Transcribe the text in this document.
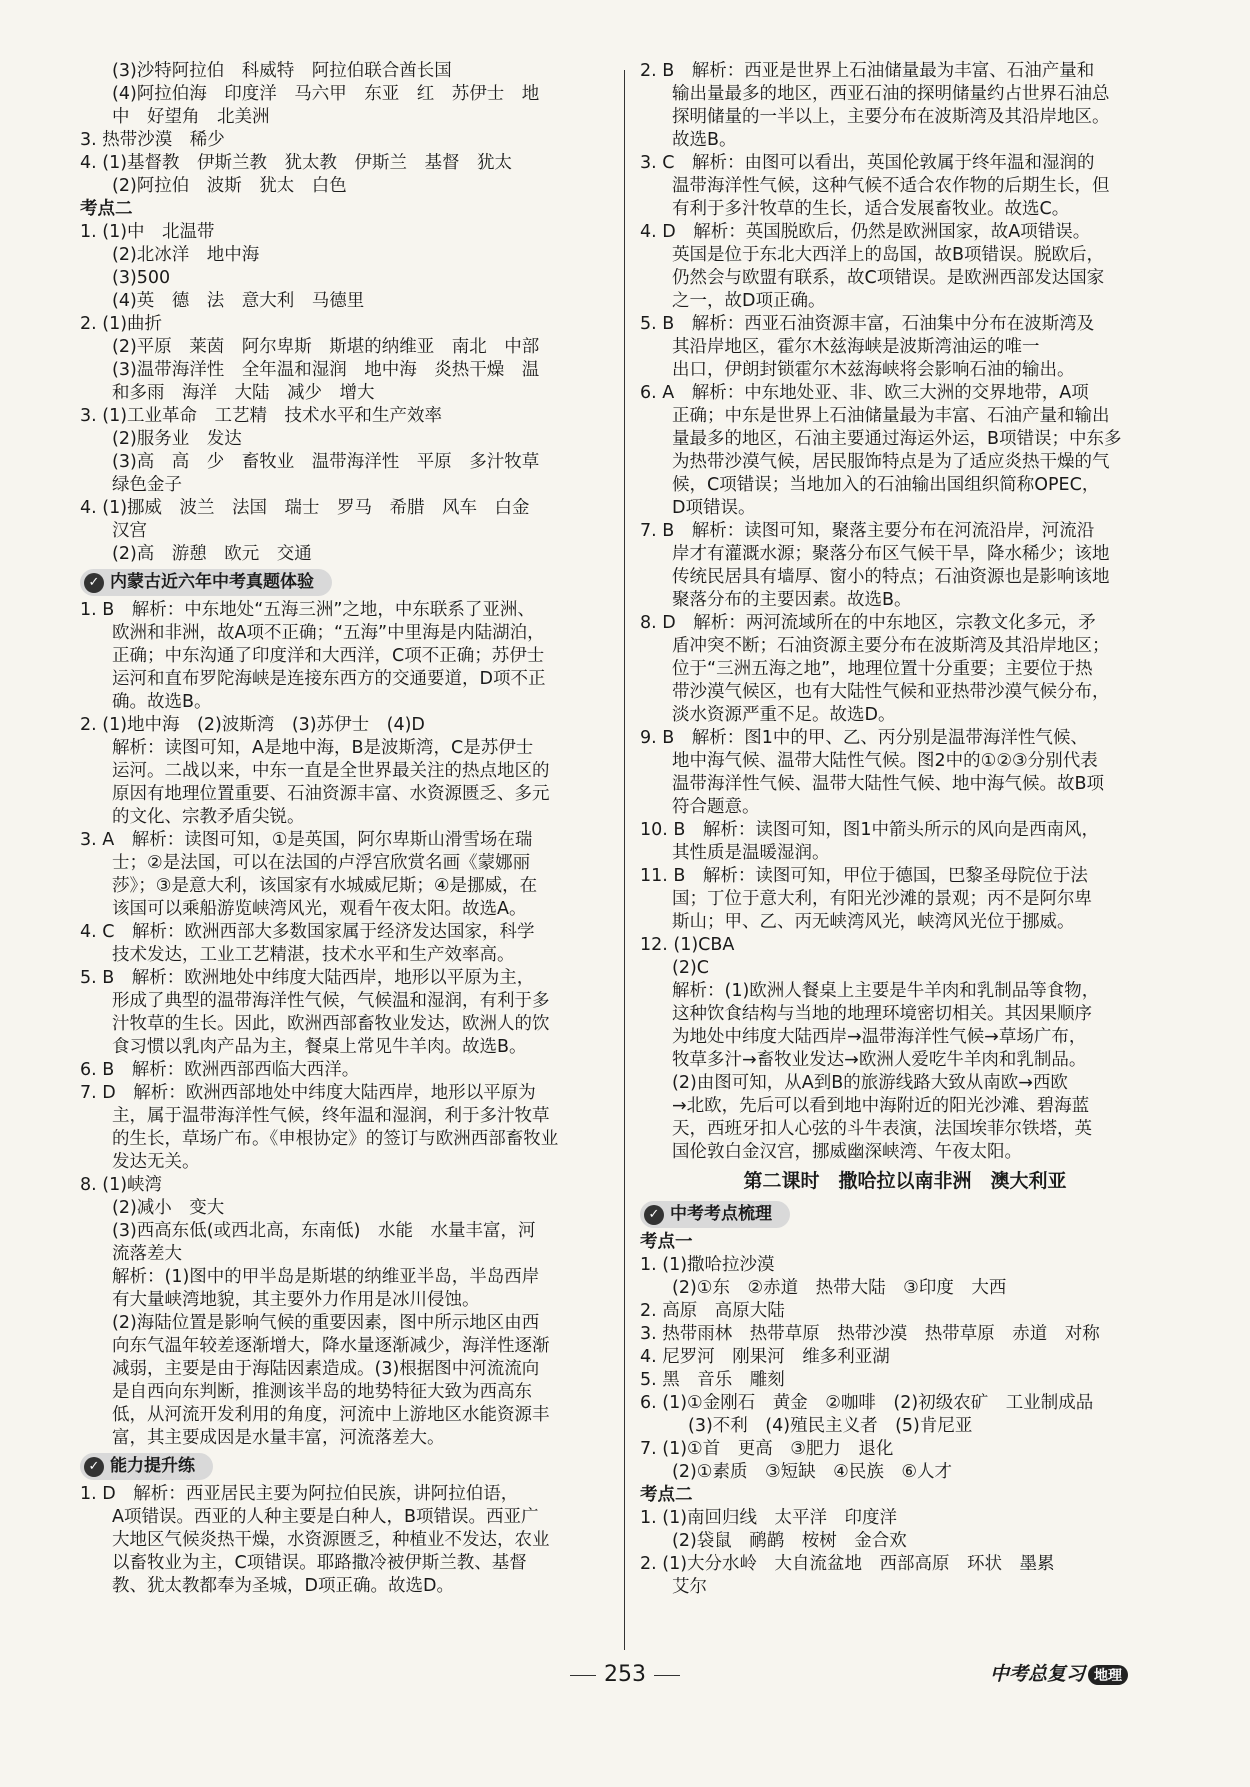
(3)沙特阿拉伯　科威特　阿拉伯联合酋长国
(4)阿拉伯海　印度洋　马六甲　东亚　红　苏伊士　地
中　好望角　北美洲
3. 热带沙漠　稀少
4. (1)基督教　伊斯兰教　犹太教　伊斯兰　基督　犹太
(2)阿拉伯　波斯　犹太　白色
考点二
1. (1)中　北温带
(2)北冰洋　地中海
(3)500
(4)英　德　法　意大利　马德里
2. (1)曲折
(2)平原　莱茵　阿尔卑斯　斯堪的纳维亚　南北　中部
(3)温带海洋性　全年温和湿润　地中海　炎热干燥　温
和多雨　海洋　大陆　减少　增大
3. (1)工业革命　工艺精　技术水平和生产效率
(2)服务业　发达
(3)高　高　少　畜牧业　温带海洋性　平原　多汁牧草
绿色金子
4. (1)挪威　波兰　法国　瑞士　罗马　希腊　风车　白金
汉宫
(2)高　游憩　欧元　交通
✓ 内蒙古近六年中考真题体验
1. B　解析：中东地处“五海三洲”之地，中东联系了亚洲、
欧洲和非洲，故A项不正确；“五海”中里海是内陆湖泊，
正确；中东沟通了印度洋和大西洋，C项不正确；苏伊士
运河和直布罗陀海峡是连接东西方的交通要道，D项不正
确。故选B。
2. (1)地中海　(2)波斯湾　(3)苏伊士　(4)D
解析：读图可知，A是地中海，B是波斯湾，C是苏伊士
运河。二战以来，中东一直是全世界最关注的热点地区的
原因有地理位置重要、石油资源丰富、水资源匮乏、多元
的文化、宗教矛盾尖锐。
3. A　解析：读图可知，①是英国，阿尔卑斯山滑雪场在瑞
士；②是法国，可以在法国的卢浮宫欣赏名画《蒙娜丽
莎》；③是意大利，该国家有水城威尼斯；④是挪威，在
该国可以乘船游览峡湾风光，观看午夜太阳。故选A。
4. C　解析：欧洲西部大多数国家属于经济发达国家，科学
技术发达，工业工艺精湛，技术水平和生产效率高。
5. B　解析：欧洲地处中纬度大陆西岸，地形以平原为主，
形成了典型的温带海洋性气候，气候温和湿润，有利于多
汁牧草的生长。因此，欧洲西部畜牧业发达，欧洲人的饮
食习惯以乳肉产品为主，餐桌上常见牛羊肉。故选B。
6. B　解析：欧洲西部西临大西洋。
7. D　解析：欧洲西部地处中纬度大陆西岸，地形以平原为
主，属于温带海洋性气候，终年温和湿润，利于多汁牧草
的生长，草场广布。《申根协定》的签订与欧洲西部畜牧业
发达无关。
8. (1)峡湾
(2)减小　变大
(3)西高东低(或西北高，东南低)　水能　水量丰富，河
流落差大
解析：(1)图中的甲半岛是斯堪的纳维亚半岛，半岛西岸
有大量峡湾地貌，其主要外力作用是冰川侵蚀。
(2)海陆位置是影响气候的重要因素，图中所示地区由西
向东气温年较差逐渐增大，降水量逐渐减少，海洋性逐渐
减弱，主要是由于海陆因素造成。(3)根据图中河流流向
是自西向东判断，推测该半岛的地势特征大致为西高东
低，从河流开发利用的角度，河流中上游地区水能资源丰
富，其主要成因是水量丰富，河流落差大。
✓ 能力提升练
1. D　解析：西亚居民主要为阿拉伯民族，讲阿拉伯语，
A项错误。西亚的人种主要是白种人，B项错误。西亚广
大地区气候炎热干燥，水资源匮乏，种植业不发达，农业
以畜牧业为主，C项错误。耶路撒冷被伊斯兰教、基督
教、犹太教都奉为圣城，D项正确。故选D。
2. B　解析：西亚是世界上石油储量最为丰富、石油产量和
输出量最多的地区，西亚石油的探明储量约占世界石油总
探明储量的一半以上，主要分布在波斯湾及其沿岸地区。
故选B。
3. C　解析：由图可以看出，英国伦敦属于终年温和湿润的
温带海洋性气候，这种气候不适合农作物的后期生长，但
有利于多汁牧草的生长，适合发展畜牧业。故选C。
4. D　解析：英国脱欧后，仍然是欧洲国家，故A项错误。
英国是位于东北大西洋上的岛国，故B项错误。脱欧后，
仍然会与欧盟有联系，故C项错误。是欧洲西部发达国家
之一，故D项正确。
5. B　解析：西亚石油资源丰富，石油集中分布在波斯湾及
其沿岸地区，霍尔木兹海峡是波斯湾油运的唯一
出口，伊朗封锁霍尔木兹海峡将会影响石油的输出。
6. A　解析：中东地处亚、非、欧三大洲的交界地带，A项
正确；中东是世界上石油储量最为丰富、石油产量和输出
量最多的地区，石油主要通过海运外运，B项错误；中东多
为热带沙漠气候，居民服饰特点是为了适应炎热干燥的气
候，C项错误；当地加入的石油输出国组织简称OPEC，
D项错误。
7. B　解析：读图可知，聚落主要分布在河流沿岸，河流沿
岸才有灌溉水源；聚落分布区气候干旱，降水稀少；该地
传统民居具有墙厚、窗小的特点；石油资源也是影响该地
聚落分布的主要因素。故选B。
8. D　解析：两河流域所在的中东地区，宗教文化多元，矛
盾冲突不断；石油资源主要分布在波斯湾及其沿岸地区；
位于“三洲五海之地”，地理位置十分重要；主要位于热
带沙漠气候区，也有大陆性气候和亚热带沙漠气候分布，
淡水资源严重不足。故选D。
9. B　解析：图1中的甲、乙、丙分别是温带海洋性气候、
地中海气候、温带大陆性气候。图2中的①②③分别代表
温带海洋性气候、温带大陆性气候、地中海气候。故B项
符合题意。
10. B　解析：读图可知，图1中箭头所示的风向是西南风，
其性质是温暖湿润。
11. B　解析：读图可知，甲位于德国，巴黎圣母院位于法
国；丁位于意大利，有阳光沙滩的景观；丙不是阿尔卑
斯山；甲、乙、丙无峡湾风光，峡湾风光位于挪威。
12. (1)CBA
(2)C
解析：(1)欧洲人餐桌上主要是牛羊肉和乳制品等食物，
这种饮食结构与当地的地理环境密切相关。其因果顺序
为地处中纬度大陆西岸→温带海洋性气候→草场广布，
牧草多汁→畜牧业发达→欧洲人爱吃牛羊肉和乳制品。
(2)由图可知，从A到B的旅游线路大致从南欧→西欧
→北欧，先后可以看到地中海附近的阳光沙滩、碧海蓝
天，西班牙扣人心弦的斗牛表演，法国埃菲尔铁塔，英
国伦敦白金汉宫，挪威幽深峡湾、午夜太阳。
第二课时　撒哈拉以南非洲　澳大利亚
✓ 中考考点梳理
考点一
1. (1)撒哈拉沙漠
(2)①东　②赤道　热带大陆　③印度　大西
2. 高原　高原大陆
3. 热带雨林　热带草原　热带沙漠　热带草原　赤道　对称
4. 尼罗河　刚果河　维多利亚湖
5. 黑　音乐　雕刻
6. (1)①金刚石　黄金　②咖啡　(2)初级农矿　工业制成品
(3)不利　(4)殖民主义者　(5)肯尼亚
7. (1)①首　更高　③肥力　退化
(2)①素质　③短缺　④民族　⑥人才
考点二
1. (1)南回归线　太平洋　印度洋
(2)袋鼠　鸸鹋　桉树　金合欢
2. (1)大分水岭　大自流盆地　西部高原　环状　墨累
艾尔
253	中考总复习 地理
